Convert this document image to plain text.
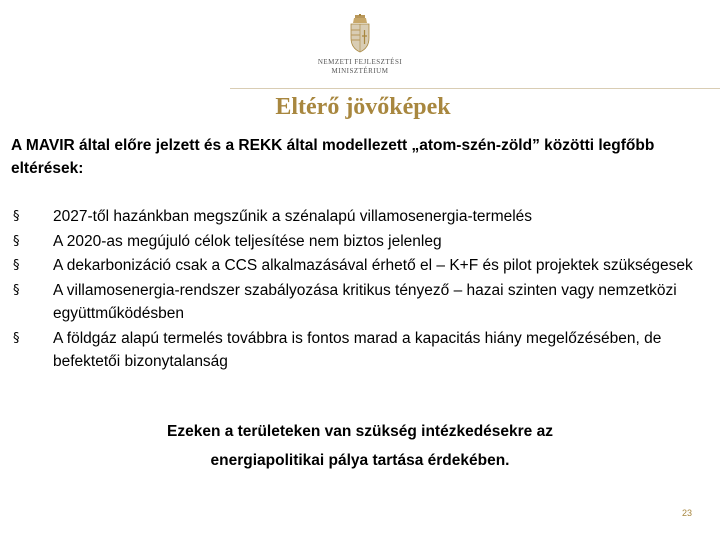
NEMZETI FEJLESZTÉSI
MINISZTÉRIUM
Eltérő jövőképek
A MAVIR által előre jelzett és a REKK által modellezett „atom-szén-zöld” közötti legfőbb eltérések:
§ 2027-től hazánkban megszűnik a szénalapú villamosenergia-termelés
§ A 2020-as megújuló célok teljesítése nem biztos jelenleg
§ A dekarbonizáció csak a CCS alkalmazásával érhető el – K+F és pilot projektek szükségesek
§ A villamosenergia-rendszer szabályozása kritikus tényező – hazai szinten vagy nemzetközi együttműködésben
§ A földgáz alapú termelés továbbra is fontos marad a kapacitás hiány megelőzésében, de befektetői bizonytalanság
Ezeken a területeken van szükség intézkedésekre az
energiapolitikai pálya tartása érdekében.
23
